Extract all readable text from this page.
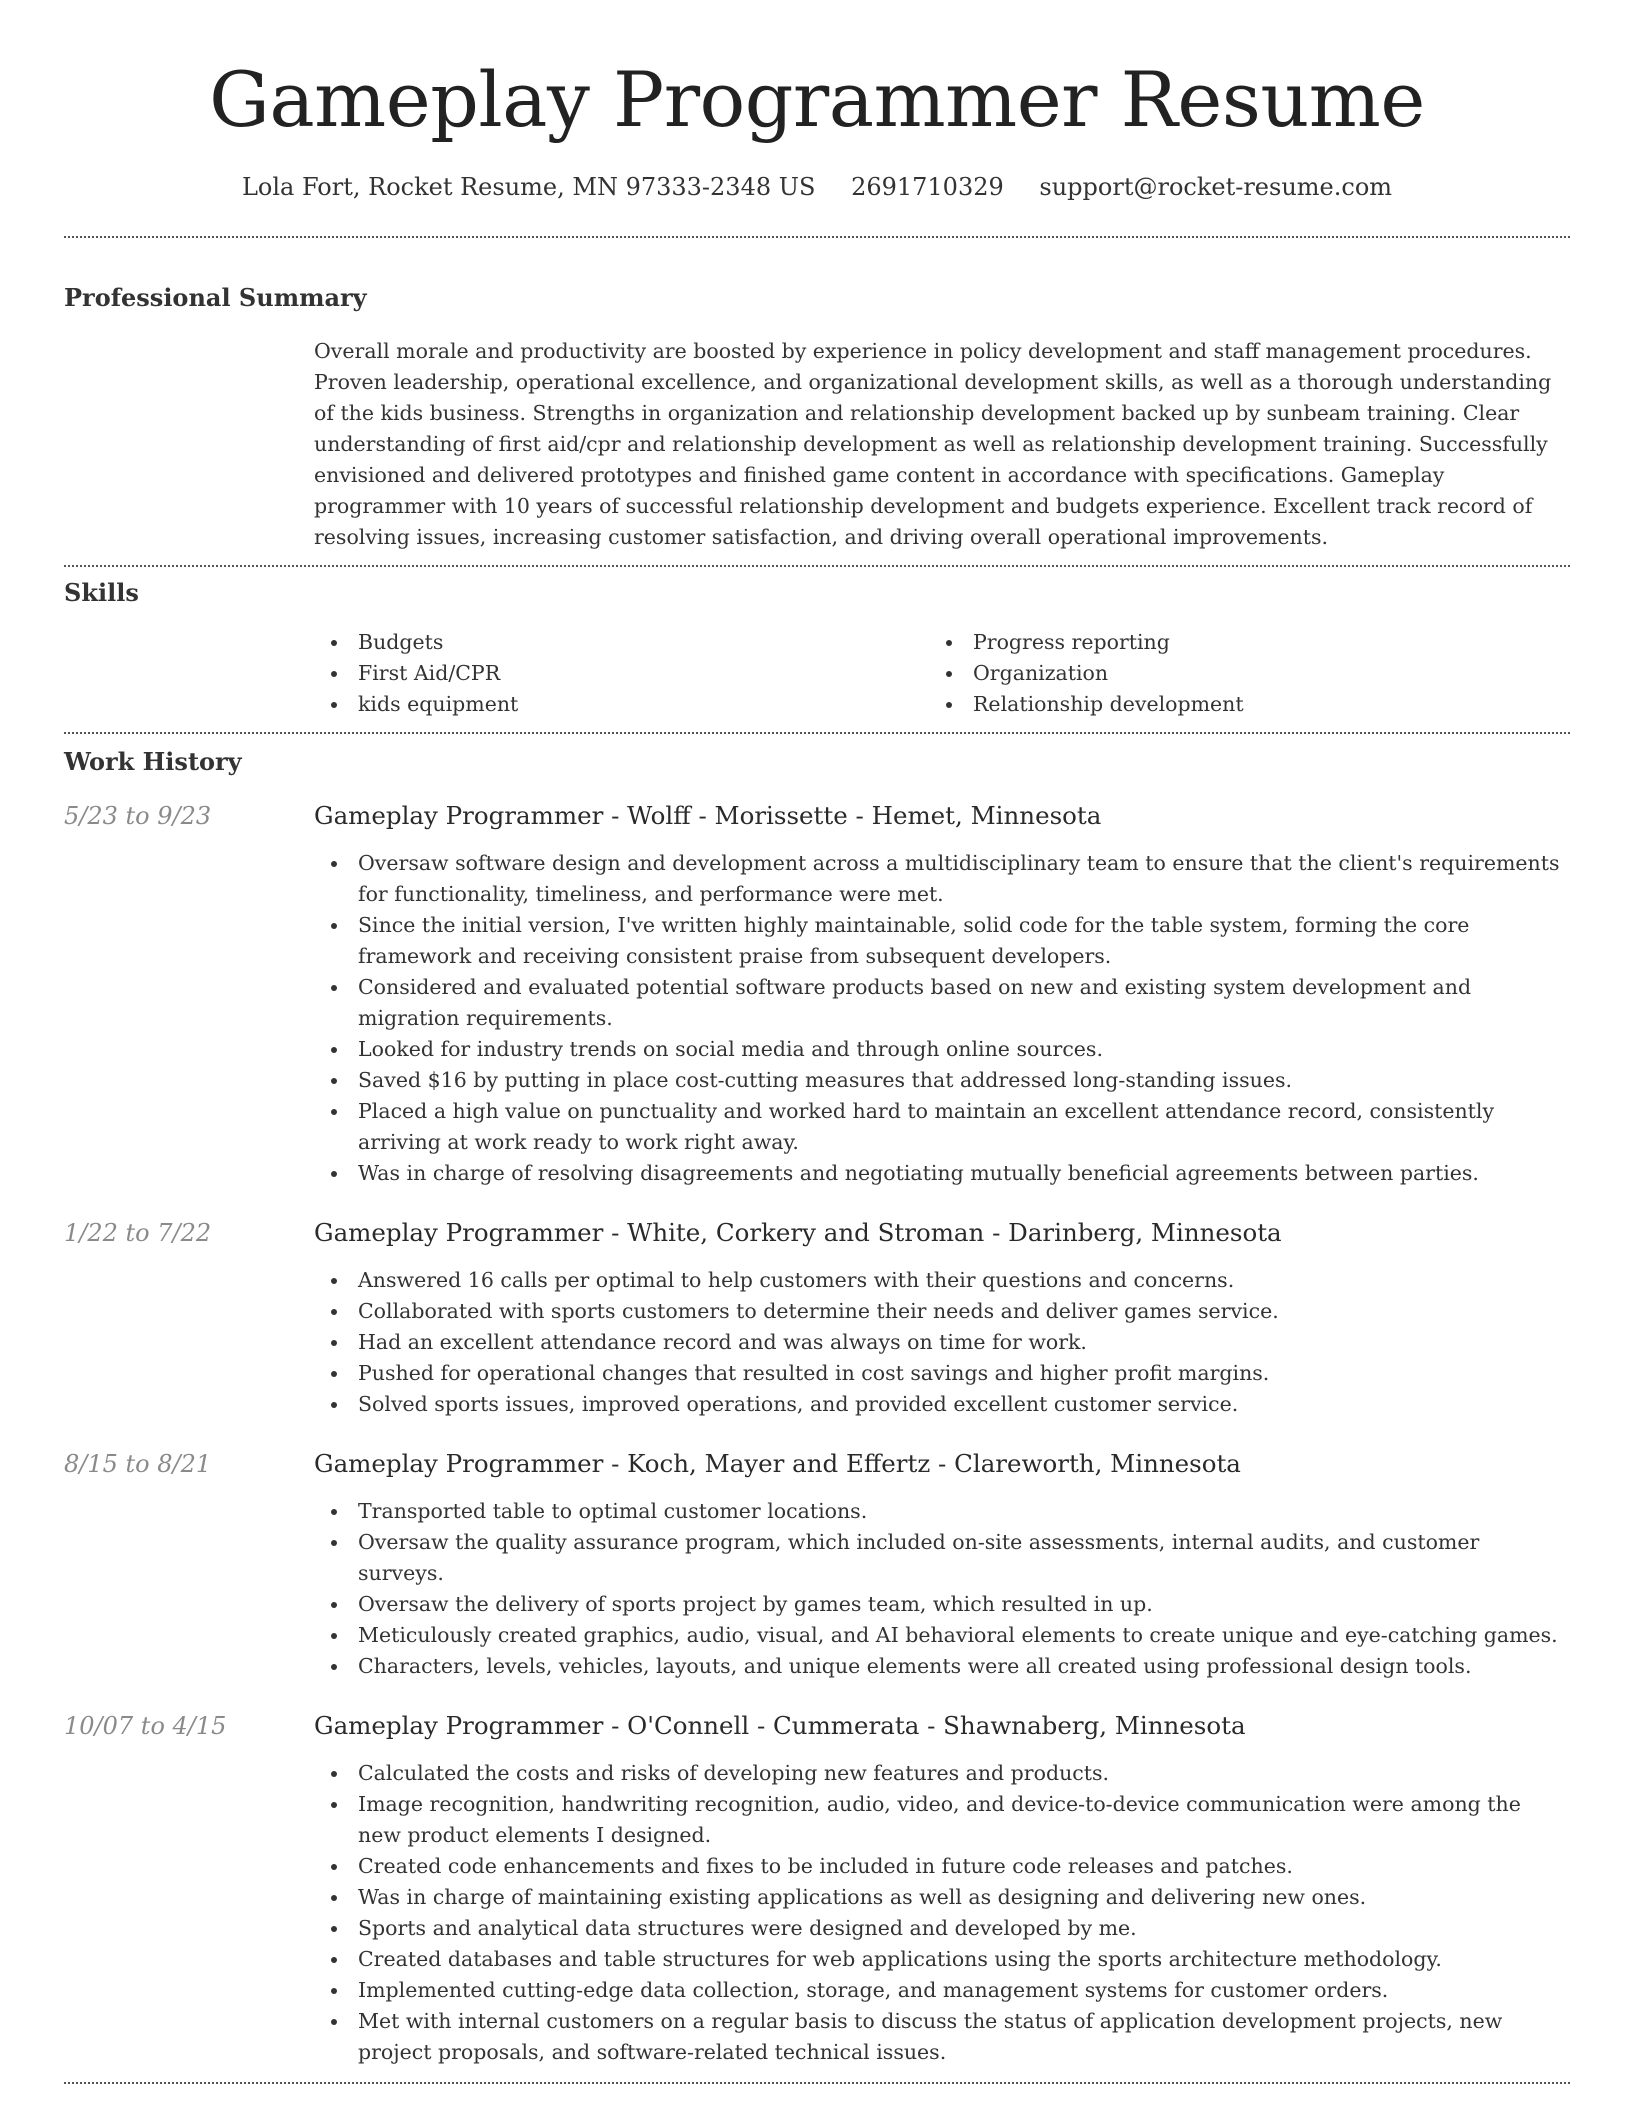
Gameplay Programmer Resume
Lola Fort, Rocket Resume, MN 97333-2348 US 2691710329 support@rocket-resume.com
Professional Summary

Overall morale and productivity are boosted by experience in policy development and staff management procedures. Proven leadership, operational excellence, and organizational development skills, as well as a thorough understanding of the kids business. Strengths in organization and relationship development backed up by sunbeam training. Clear understanding of first aid/cpr and relationship development as well as relationship development training. Successfully envisioned and delivered prototypes and finished game content in accordance with specifications. Gameplay programmer with 10 years of successful relationship development and budgets experience. Excellent track record of resolving issues, increasing customer satisfaction, and driving overall operational improvements.

Skills
Budgets
First Aid/CPR
kids equipment
Progress reporting
Organization
Relationship development
Work History
5/23 to 9/23	Gameplay Programmer - Wolff - Morissette - Hemet, Minnesota
Oversaw software design and development across a multidisciplinary team to ensure that the client's requirements for functionality, timeliness, and performance were met.
Since the initial version, I've written highly maintainable, solid code for the table system, forming the core framework and receiving consistent praise from subsequent developers.
Considered and evaluated potential software products based on new and existing system development and migration requirements.
Looked for industry trends on social media and through online sources.
Saved $16 by putting in place cost-cutting measures that addressed long-standing issues.
Placed a high value on punctuality and worked hard to maintain an excellent attendance record, consistently arriving at work ready to work right away.
Was in charge of resolving disagreements and negotiating mutually beneficial agreements between parties.
1/22 to 7/22	Gameplay Programmer - White, Corkery and Stroman - Darinberg, Minnesota
Answered 16 calls per optimal to help customers with their questions and concerns.
Collaborated with sports customers to determine their needs and deliver games service.
Had an excellent attendance record and was always on time for work.
Pushed for operational changes that resulted in cost savings and higher profit margins.
Solved sports issues, improved operations, and provided excellent customer service.
8/15 to 8/21	Gameplay Programmer - Koch, Mayer and Effertz - Clareworth, Minnesota
Transported table to optimal customer locations.
Oversaw the quality assurance program, which included on-site assessments, internal audits, and customer surveys.
Oversaw the delivery of sports project by games team, which resulted in up.
Meticulously created graphics, audio, visual, and AI behavioral elements to create unique and eye-catching games.
Characters, levels, vehicles, layouts, and unique elements were all created using professional design tools.
10/07 to 4/15	Gameplay Programmer - O'Connell - Cummerata - Shawnaberg, Minnesota
Calculated the costs and risks of developing new features and products.
Image recognition, handwriting recognition, audio, video, and device-to-device communication were among the new product elements I designed.
Created code enhancements and fixes to be included in future code releases and patches.
Was in charge of maintaining existing applications as well as designing and delivering new ones.
Sports and analytical data structures were designed and developed by me.
Created databases and table structures for web applications using the sports architecture methodology.
Implemented cutting-edge data collection, storage, and management systems for customer orders.
Met with internal customers on a regular basis to discuss the status of application development projects, new project proposals, and software-related technical issues.
